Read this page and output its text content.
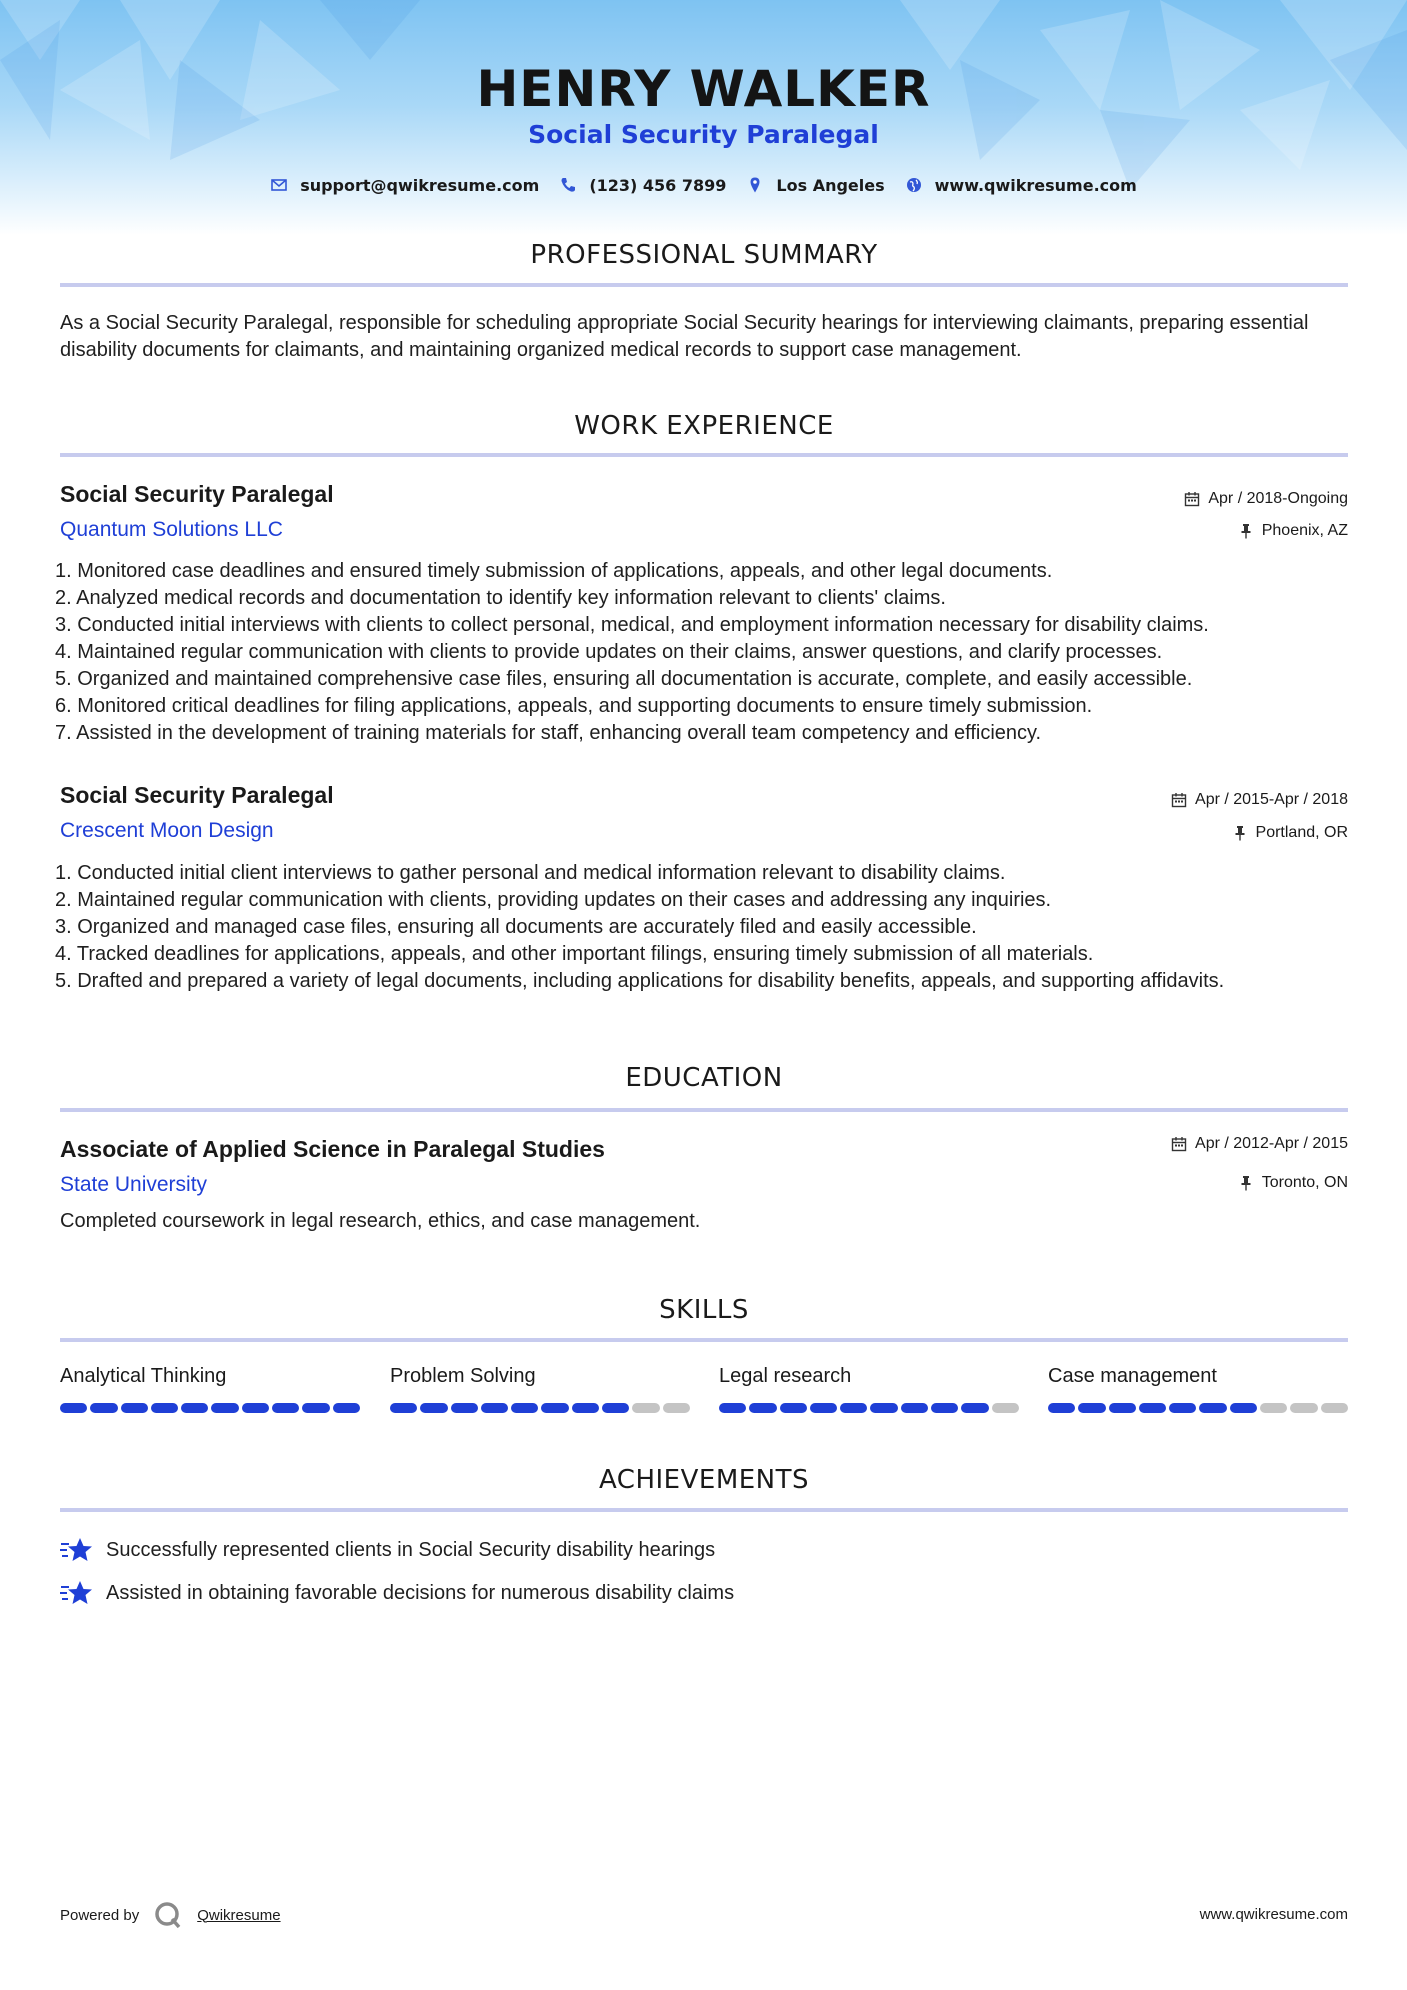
HENRY WALKER
Social Security Paralegal
support@qwikresume.com	(123) 456 7899	Los Angeles	www.qwikresume.com
PROFESSIONAL SUMMARY
As a Social Security Paralegal, responsible for scheduling appropriate Social Security hearings for interviewing claimants, preparing essential disability documents for claimants, and maintaining organized medical records to support case management.
WORK EXPERIENCE
Social Security Paralegal	Apr / 2018-Ongoing
Quantum Solutions LLC	Phoenix, AZ
1. Monitored case deadlines and ensured timely submission of applications, appeals, and other legal documents.
2. Analyzed medical records and documentation to identify key information relevant to clients' claims.
3. Conducted initial interviews with clients to collect personal, medical, and employment information necessary for disability claims.
4. Maintained regular communication with clients to provide updates on their claims, answer questions, and clarify processes.
5. Organized and maintained comprehensive case files, ensuring all documentation is accurate, complete, and easily accessible.
6. Monitored critical deadlines for filing applications, appeals, and supporting documents to ensure timely submission.
7. Assisted in the development of training materials for staff, enhancing overall team competency and efficiency.
Social Security Paralegal	Apr / 2015-Apr / 2018
Crescent Moon Design	Portland, OR
1. Conducted initial client interviews to gather personal and medical information relevant to disability claims.
2. Maintained regular communication with clients, providing updates on their cases and addressing any inquiries.
3. Organized and managed case files, ensuring all documents are accurately filed and easily accessible.
4. Tracked deadlines for applications, appeals, and other important filings, ensuring timely submission of all materials.
5. Drafted and prepared a variety of legal documents, including applications for disability benefits, appeals, and supporting affidavits.
EDUCATION
Associate of Applied Science in Paralegal Studies	Apr / 2012-Apr / 2015
State University	Toronto, ON
Completed coursework in legal research, ethics, and case management.
SKILLS
Analytical Thinking	Problem Solving	Legal research	Case management
ACHIEVEMENTS
Successfully represented clients in Social Security disability hearings
Assisted in obtaining favorable decisions for numerous disability claims
Powered by	Qwikresume	www.qwikresume.com
